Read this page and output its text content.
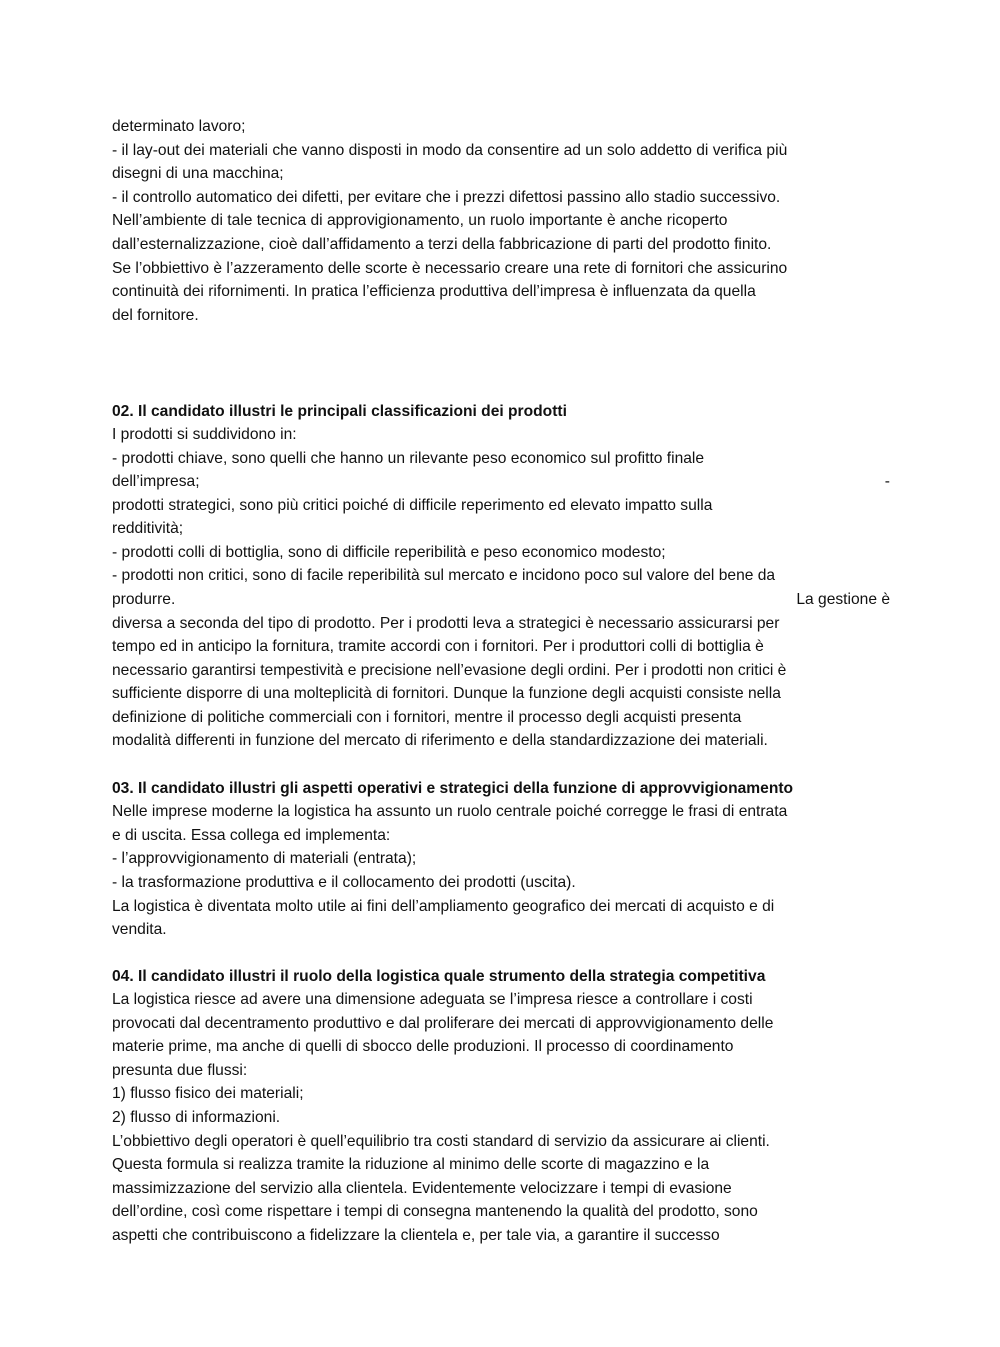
determinato lavoro;
- il lay-out dei materiali che vanno disposti in modo da consentire ad un solo addetto di verifica più
disegni di una macchina;
- il controllo automatico dei difetti, per evitare che i prezzi difettosi passino allo stadio successivo.
Nell’ambiente di tale tecnica di approvigionamento, un ruolo importante è anche ricoperto
dall’esternalizzazione, cioè dall’affidamento a terzi della fabbricazione di parti del prodotto finito.
Se l’obbiettivo è l’azzeramento delle scorte è necessario creare una rete di fornitori che assicurino
continuità dei rifornimenti. In pratica l’efficienza produttiva dell’impresa è influenzata da quella
del fornitore.
02. Il candidato illustri le principali classificazioni dei prodotti
I prodotti si suddividono in:
- prodotti chiave, sono quelli che hanno un rilevante peso economico sul profitto finale
dell’impresa;	-
prodotti strategici, sono più critici poiché di difficile reperimento ed elevato impatto sulla
redditività;
- prodotti colli di bottiglia, sono di difficile reperibilità e peso economico modesto;
- prodotti non critici, sono di facile reperibilità sul mercato e incidono poco sul valore del bene da
produrre.	La gestione è
diversa a seconda del tipo di prodotto. Per i prodotti leva a strategici è necessario assicurarsi per
tempo ed in anticipo la fornitura, tramite accordi con i fornitori. Per i produttori colli di bottiglia è
necessario garantirsi tempestività e precisione nell’evasione degli ordini. Per i prodotti non critici è
sufficiente disporre di una molteplicità di fornitori. Dunque la funzione degli acquisti consiste nella
definizione di politiche commerciali con i fornitori, mentre il processo degli acquisti presenta
modalità differenti in funzione del mercato di riferimento e della standardizzazione dei materiali.
03. Il candidato illustri gli aspetti operativi e strategici della funzione di approvvigionamento
Nelle imprese moderne la logistica ha assunto un ruolo centrale poiché corregge le frasi di entrata
e di uscita. Essa collega ed implementa:
- l’approvvigionamento di materiali (entrata);
- la trasformazione produttiva e il collocamento dei prodotti (uscita).
La logistica è diventata molto utile ai fini dell’ampliamento geografico dei mercati di acquisto e di
vendita.
04. Il candidato illustri il ruolo della logistica quale strumento della strategia competitiva
La logistica riesce ad avere una dimensione adeguata se l’impresa riesce a controllare i costi
provocati dal decentramento produttivo e dal proliferare dei mercati di approvvigionamento delle
materie prime, ma anche di quelli di sbocco delle produzioni. Il processo di coordinamento
presunta due flussi:
1) flusso fisico dei materiali;
2) flusso di informazioni.
L’obbiettivo degli operatori è quell’equilibrio tra costi standard di servizio da assicurare ai clienti.
Questa formula si realizza tramite la riduzione al minimo delle scorte di magazzino e la
massimizzazione del servizio alla clientela. Evidentemente velocizzare i tempi di evasione
dell’ordine, così come rispettare i tempi di consegna mantenendo la qualità del prodotto, sono
aspetti che contribuiscono a fidelizzare la clientela e, per tale via, a garantire il successo
